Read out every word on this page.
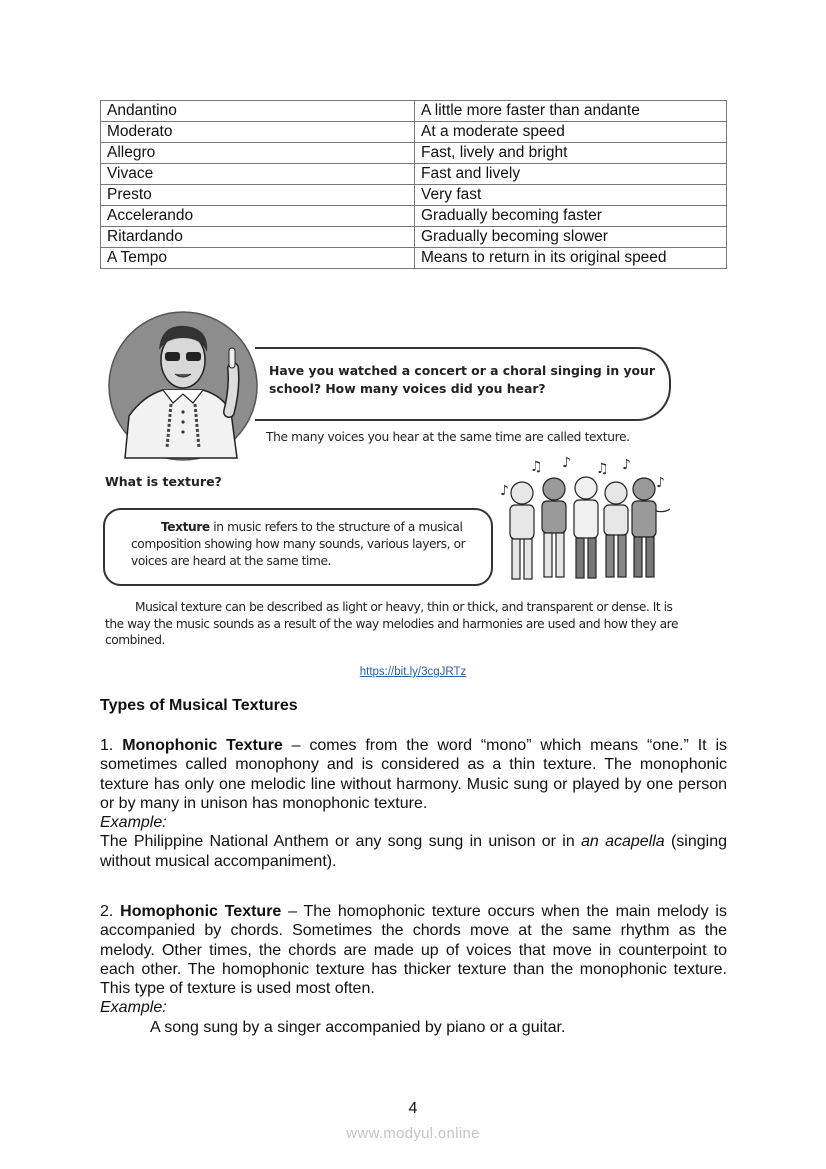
Andantino	A little more faster than andante
Moderato	At a moderate speed
Allegro	Fast, lively and bright
Vivace	Fast and lively
Presto	Very fast
Accelerando	Gradually becoming faster
Ritardando	Gradually becoming slower
A Tempo	Means to return in its original speed
Have you watched a concert or a choral singing in your school? How many voices did you hear?
The many voices you hear at the same time are called texture.
What is texture?
Texture in music refers to the structure of a musical composition showing how many sounds, various layers, or voices are heard at the same time.
♪
♫ ♪ ♫ ♪
♪
Musical texture can be described as light or heavy, thin or thick, and transparent or dense. It is the way the music sounds as a result of the way melodies and harmonies are used and how they are combined.
https://bit.ly/3cgJRTz
Types of Musical Textures
1. Monophonic Texture – comes from the word “mono” which means “one.” It is sometimes called monophony and is considered as a thin texture. The monophonic texture has only one melodic line without harmony. Music sung or played by one person or by many in unison has monophonic texture.
Example:
The Philippine National Anthem or any song sung in unison or in an acapella (singing without musical accompaniment).
2. Homophonic Texture – The homophonic texture occurs when the main melody is accompanied by chords. Sometimes the chords move at the same rhythm as the melody. Other times, the chords are made up of voices that move in counterpoint to each other. The homophonic texture has thicker texture than the monophonic texture. This type of texture is used most often.
Example:
A song sung by a singer accompanied by piano or a guitar.
4
www.modyul.online
